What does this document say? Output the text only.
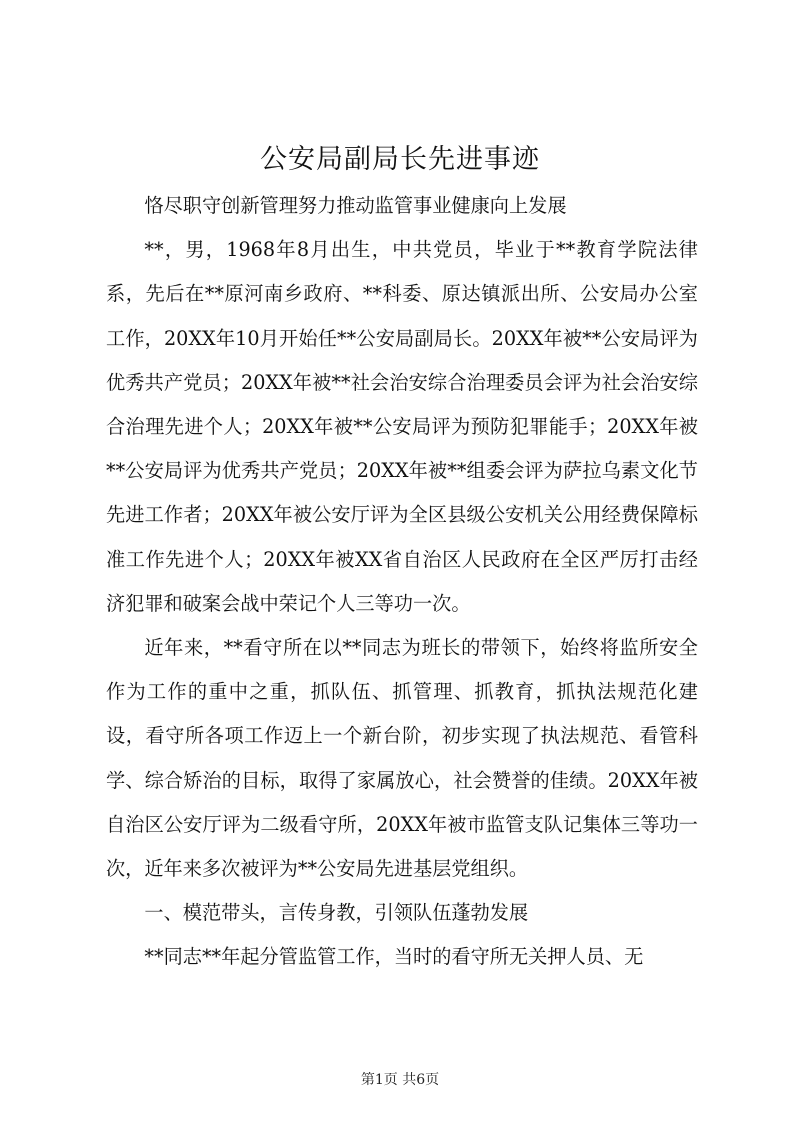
公安局副局长先进事迹

恪尽职守创新管理努力推动监管事业健康向上发展

**，男，1968年8月出生，中共党员，毕业于**教育学院法律系，先后在**原河南乡政府、**科委、原达镇派出所、公安局办公室工作，20XX年10月开始任**公安局副局长。20XX年被**公安局评为优秀共产党员；20XX年被**社会治安综合治理委员会评为社会治安综合治理先进个人；20XX年被**公安局评为预防犯罪能手；20XX年被**公安局评为优秀共产党员；20XX年被**组委会评为萨拉乌素文化节先进工作者；20XX年被公安厅评为全区县级公安机关公用经费保障标准工作先进个人；20XX年被XX省自治区人民政府在全区严厉打击经济犯罪和破案会战中荣记个人三等功一次。

近年来，**看守所在以**同志为班长的带领下，始终将监所安全作为工作的重中之重，抓队伍、抓管理、抓教育，抓执法规范化建设，看守所各项工作迈上一个新台阶，初步实现了执法规范、看管科学、综合矫治的目标，取得了家属放心，社会赞誉的佳绩。20XX年被自治区公安厅评为二级看守所，20XX年被市监管支队记集体三等功一次，近年来多次被评为**公安局先进基层党组织。

一、模范带头，言传身教，引领队伍蓬勃发展

**同志**年起分管监管工作，当时的看守所无关押人员、无

第1页 共6页
